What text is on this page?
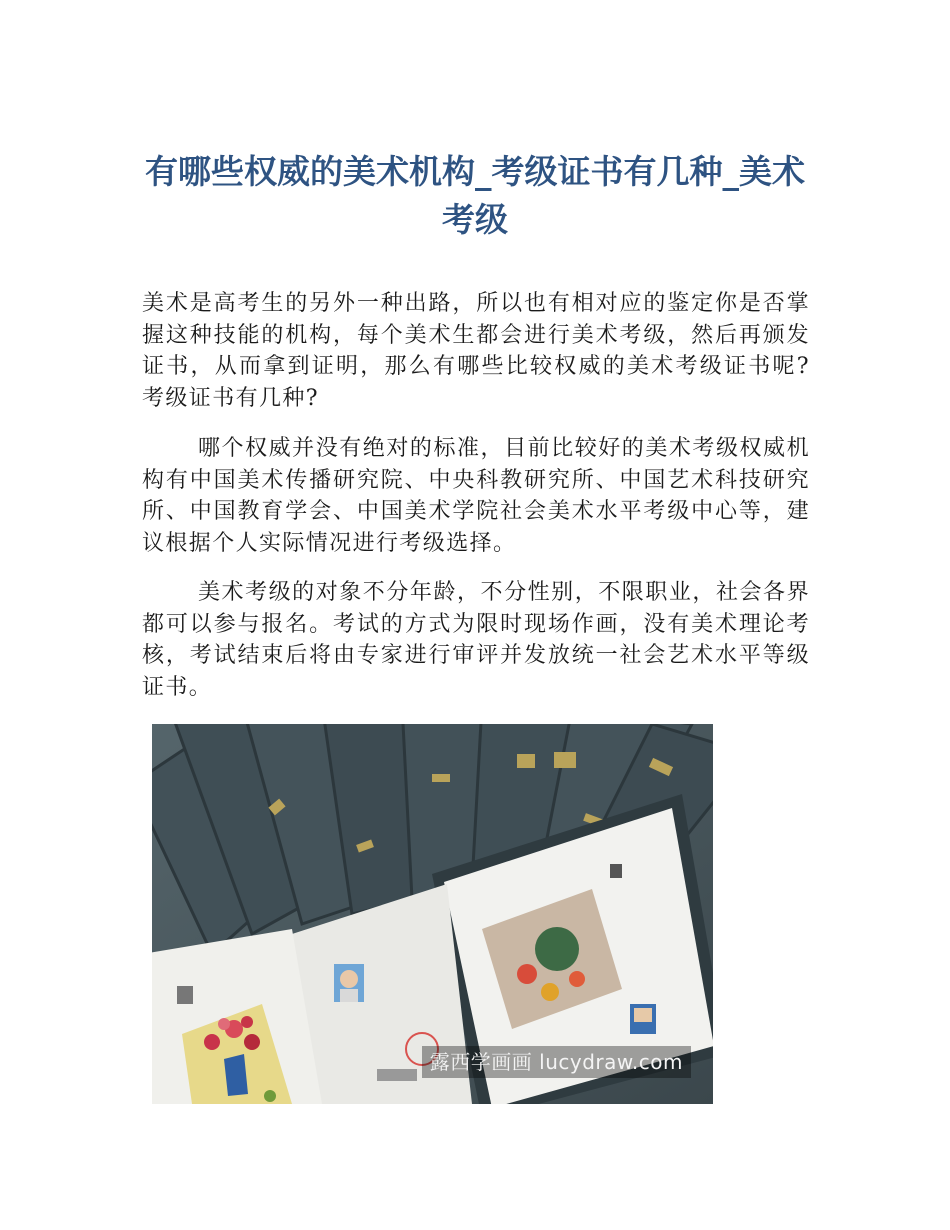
有哪些权威的美术机构_考级证书有几种_美术考级

美术是高考生的另外一种出路，所以也有相对应的鉴定你是否掌握这种技能的机构，每个美术生都会进行美术考级，然后再颁发证书，从而拿到证明，那么有哪些比较权威的美术考级证书呢?考级证书有几种?

哪个权威并没有绝对的标准，目前比较好的美术考级权威机构有中国美术传播研究院、中央科教研究所、中国艺术科技研究所、中国教育学会、中国美术学院社会美术水平考级中心等，建议根据个人实际情况进行考级选择。

美术考级的对象不分年龄，不分性别，不限职业，社会各界都可以参与报名。考试的方式为限时现场作画，没有美术理论考核，考试结束后将由专家进行审评并发放统一社会艺术水平等级证书。

露西学画画 lucydraw.com
